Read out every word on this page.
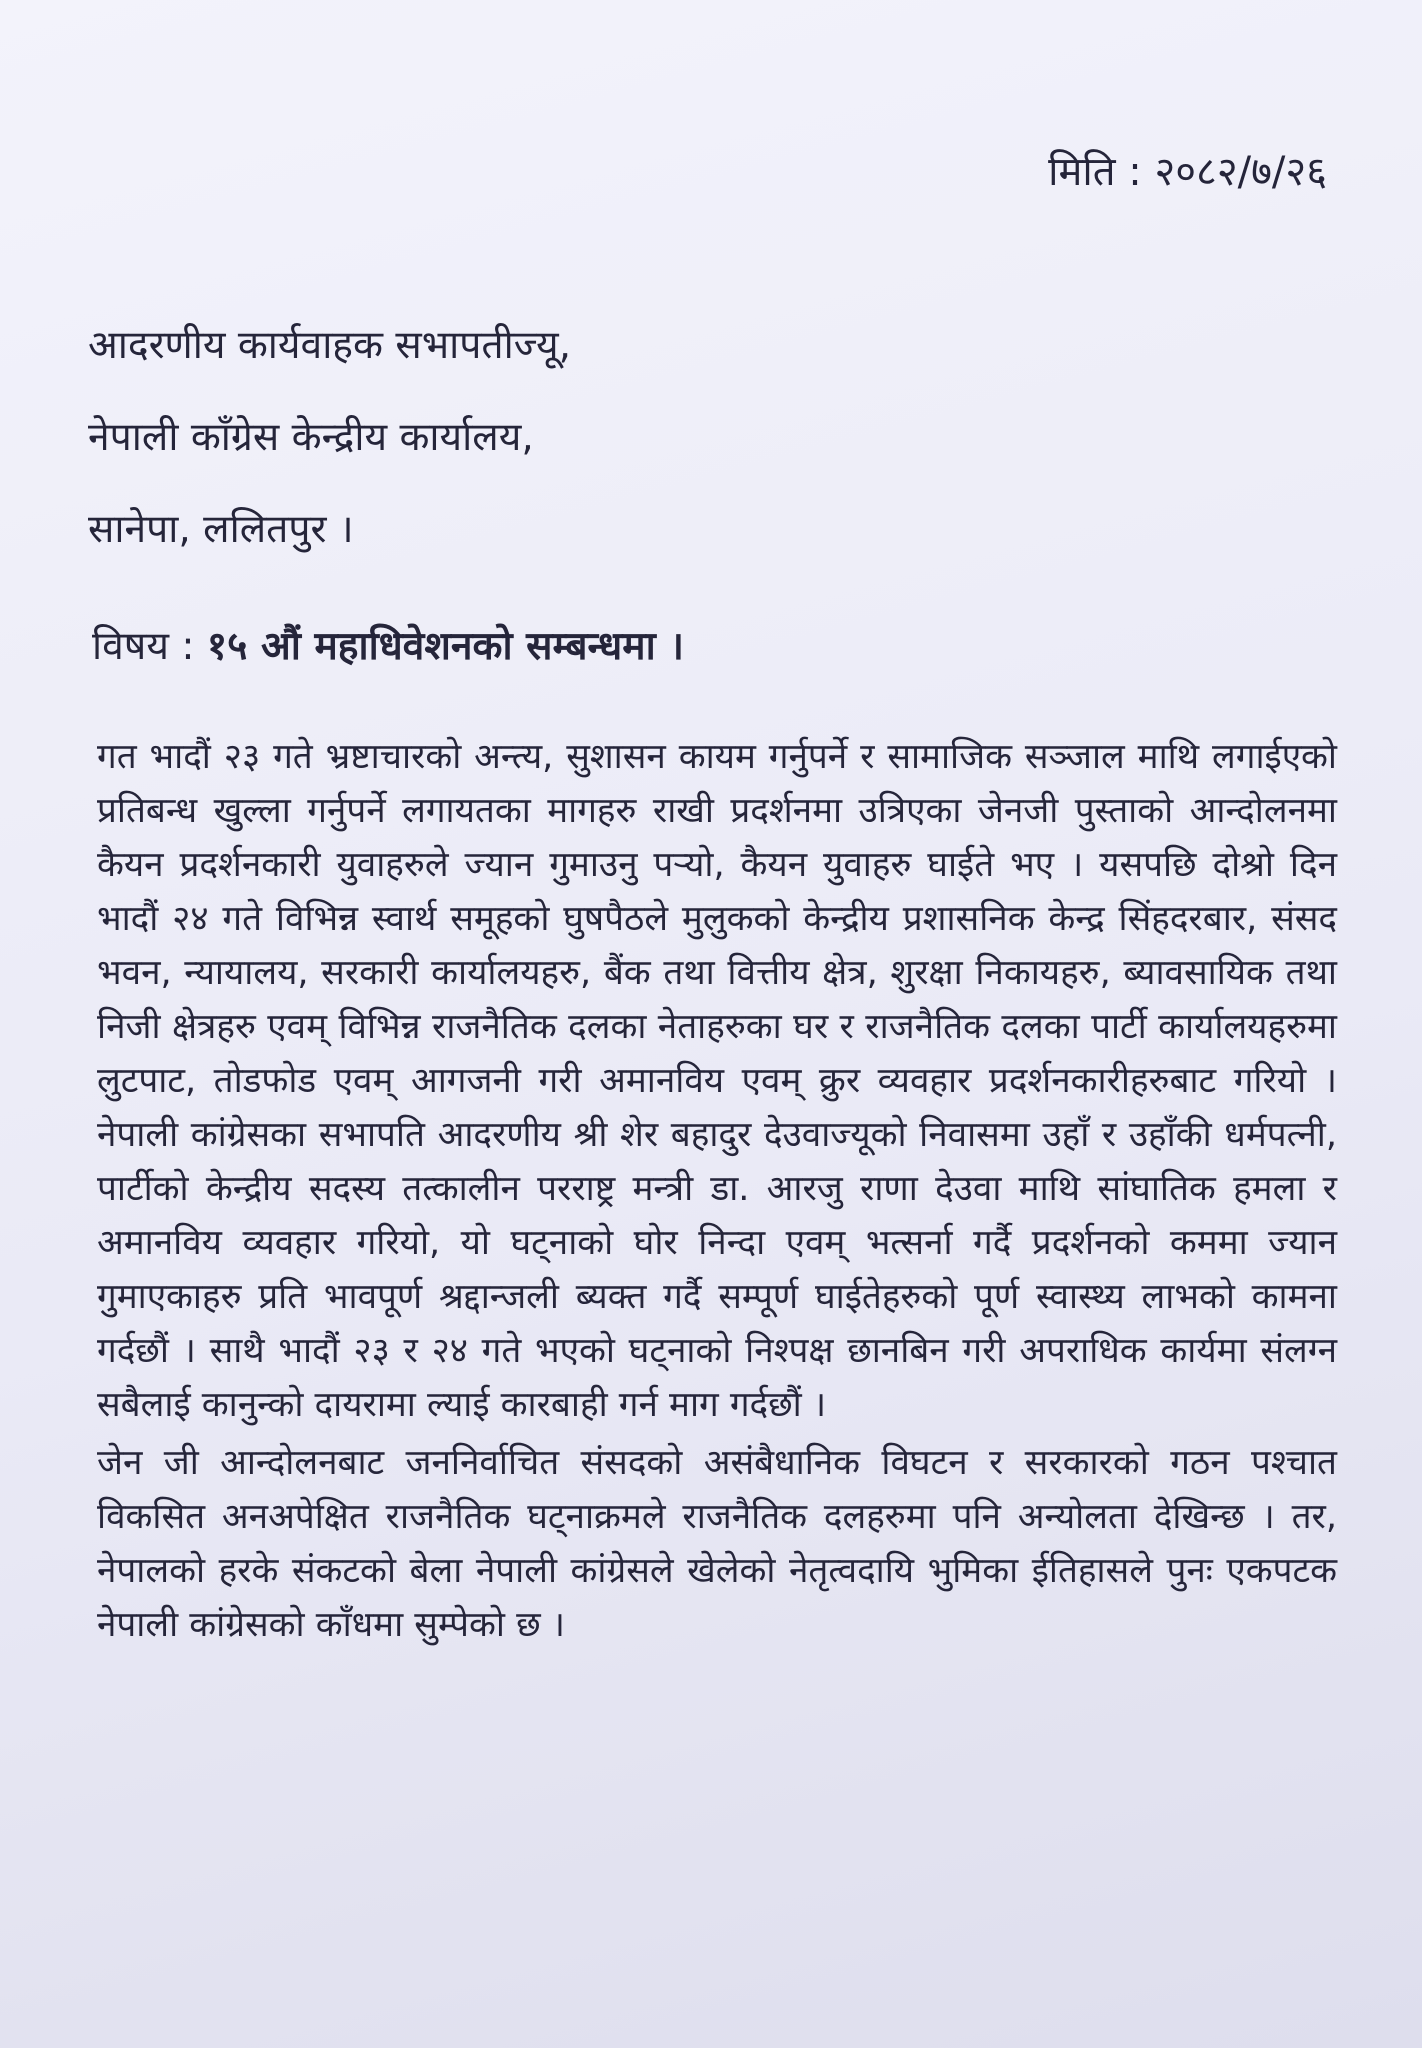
मिति : २०८२/७/२६
आदरणीय कार्यवाहक सभापतीज्यू,
नेपाली काँग्रेस केन्द्रीय कार्यालय,
सानेपा, ललितपुर ।
विषय : १५ औं महाधिवेशनको सम्बन्धमा ।

गत भादौं २३ गते भ्रष्टाचारको अन्त्य, सुशासन कायम गर्नुपर्ने र सामाजिक सञ्जाल माथि लगाईएको प्रतिबन्ध खुल्ला गर्नुपर्ने लगायतका मागहरु राखी प्रदर्शनमा उत्रिएका जेनजी पुस्ताको आन्दोलनमा कैयन प्रदर्शनकारी युवाहरुले ज्यान गुमाउनु पऱ्यो, कैयन युवाहरु घाईते भए । यसपछि दोश्रो दिन भादौं २४ गते विभिन्न स्वार्थ समूहको घुषपैठले मुलुकको केन्द्रीय प्रशासनिक केन्द्र सिंहदरबार, संसद भवन, न्यायालय, सरकारी कार्यालयहरु, बैंक तथा वित्तीय क्षेत्र, शुरक्षा निकायहरु, ब्यावसायिक तथा निजी क्षेत्रहरु एवम् विभिन्न राजनैतिक दलका नेताहरुका घर र राजनैतिक दलका पार्टी कार्यालयहरुमा लुटपाट, तोडफोड एवम् आगजनी गरी अमानविय एवम् क्रुर व्यवहार प्रदर्शनकारीहरुबाट गरियो । नेपाली कांग्रेसका सभापति आदरणीय श्री शेर बहादुर देउवाज्यूको निवासमा उहाँ र उहाँकी धर्मपत्नी, पार्टीको केन्द्रीय सदस्य तत्कालीन परराष्ट्र मन्त्री डा. आरजु राणा देउवा माथि सांघातिक हमला र अमानविय व्यवहार गरियो, यो घट्नाको घोर निन्दा एवम् भत्सर्ना गर्दै प्रदर्शनको कममा ज्यान गुमाएकाहरु प्रति भावपूर्ण श्रद्दान्जली ब्यक्त गर्दै सम्पूर्ण घाईतेहरुको पूर्ण स्वास्थ्य लाभको कामना गर्दछौं । साथै भादौं २३ र २४ गते भएको घट्नाको निश्पक्ष छानबिन गरी अपराधिक कार्यमा संलग्न सबैलाई कानुन्को दायरामा ल्याई कारबाही गर्न माग गर्दछौं ।

जेन जी आन्दोलनबाट जननिर्वाचित संसदको असंबैधानिक विघटन र सरकारको गठन पश्चात विकसित अनअपेक्षित राजनैतिक घट्नाक्रमले राजनैतिक दलहरुमा पनि अन्योलता देखिन्छ । तर, नेपालको हरके संकटको बेला नेपाली कांग्रेसले खेलेको नेतृत्वदायि भुमिका ईतिहासले पुनः एकपटक नेपाली कांग्रेसको काँधमा सुम्पेको छ ।
